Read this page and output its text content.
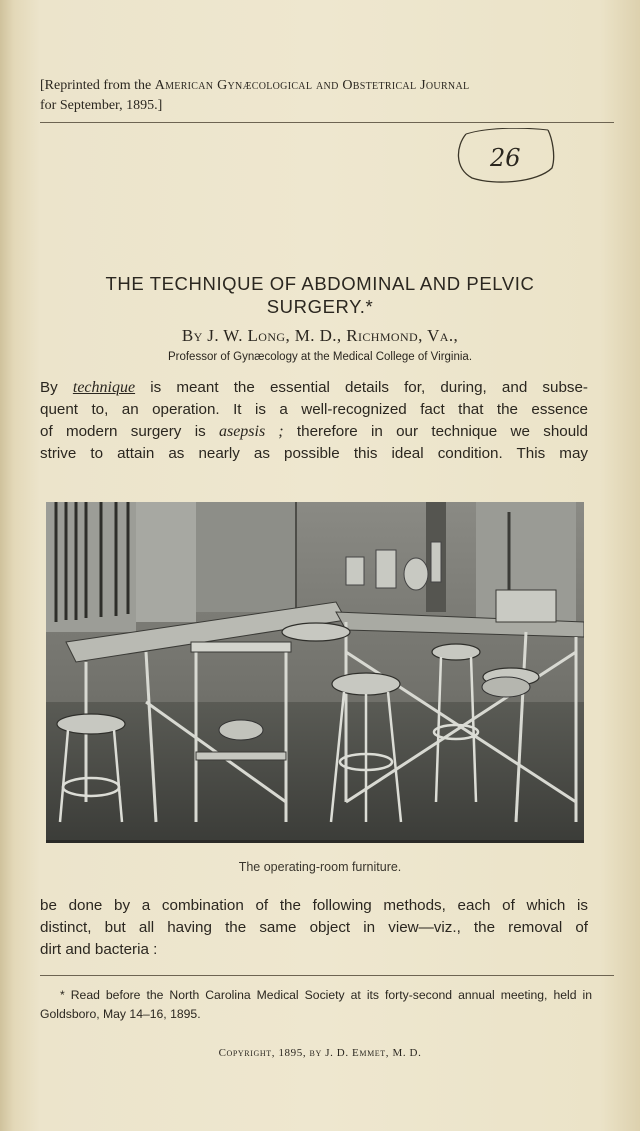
[Reprinted from the American Gynæcological and Obstetrical Journal
for September, 1895.]
26
THE TECHNIQUE OF ABDOMINAL AND PELVIC
SURGERY.*
By J. W. Long, M. D., Richmond, Va.,
Professor of Gynæcology at the Medical College of Virginia.
By technique is meant the essential details for, during, and subse-
quent to, an operation. It is a well-recognized fact that the essence
of modern surgery is asepsis ; therefore in our technique we should
strive to attain as nearly as possible this ideal condition. This may
The operating-room furniture.
be done by a combination of the following methods, each of which is
distinct, but all having the same object in view—viz., the removal of
dirt and bacteria :
* Read before the North Carolina Medical Society at its forty-second annual meeting, held in Goldsboro, May 14–16, 1895.
Copyright, 1895, by J. D. Emmet, M. D.
